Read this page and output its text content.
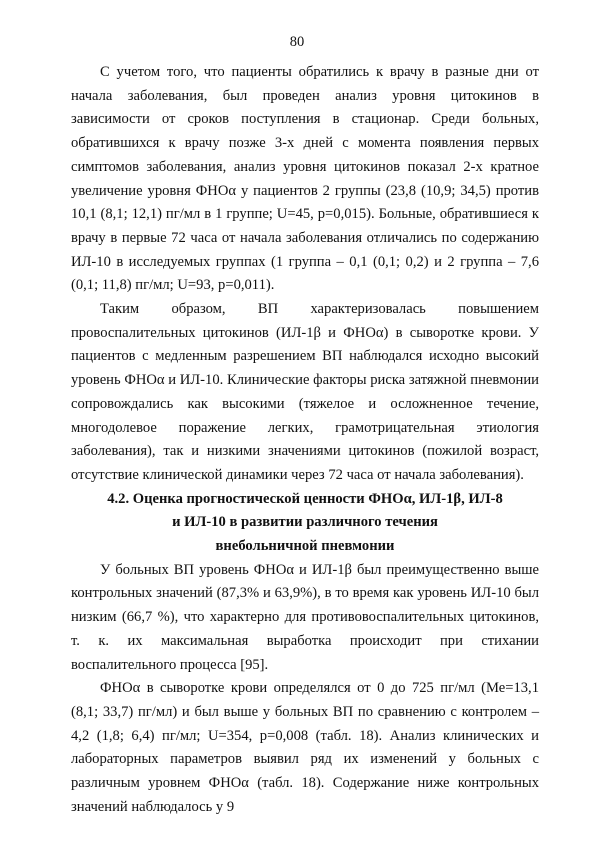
80

С учетом того, что пациенты обратились к врачу в разные дни от начала заболевания, был проведен анализ уровня цитокинов в зависимости от сроков поступления в стационар. Среди больных, обратившихся к врачу позже 3-х дней с момента появления первых симптомов заболевания, анализ уровня цитокинов показал 2-х кратное увеличение уровня ФНОα у пациентов 2 группы (23,8 (10,9; 34,5) против 10,1 (8,1; 12,1) пг/мл в 1 группе; U=45, р=0,015). Больные, обратившиеся к врачу в первые 72 часа от начала заболевания отличались по содержанию ИЛ-10 в исследуемых группах (1 группа – 0,1 (0,1; 0,2) и 2 группа – 7,6 (0,1; 11,8) пг/мл; U=93, р=0,011).

Таким образом, ВП характеризовалась повышением провоспалительных цитокинов (ИЛ-1β и ФНОα) в сыворотке крови. У пациентов с медленным разрешением ВП наблюдался исходно высокий уровень ФНОα и ИЛ-10. Клинические факторы риска затяжной пневмонии сопровождались как высокими (тяжелое и осложненное течение, многодолевое поражение легких, грамотрицательная этиология заболевания), так и низкими значениями цитокинов (пожилой возраст, отсутствие клинической динамики через 72 часа от начала заболевания).

4.2. Оценка прогностической ценности ФНОα, ИЛ-1β, ИЛ-8
и ИЛ-10 в развитии различного течения
внебольничной пневмонии

У больных ВП уровень ФНОα и ИЛ-1β был преимущественно выше контрольных значений (87,3% и 63,9%), в то время как уровень ИЛ-10 был низким (66,7 %), что характерно для противовоспалительных цитокинов, т. к. их максимальная выработка происходит при стихании воспалительного процесса [95].

ФНОα в сыворотке крови определялся от 0 до 725 пг/мл (Ме=13,1 (8,1; 33,7) пг/мл) и был выше у больных ВП по сравнению с контролем – 4,2 (1,8; 6,4) пг/мл; U=354, р=0,008 (табл. 18). Анализ клинических и лабораторных параметров выявил ряд их изменений у больных с различным уровнем ФНОα (табл. 18). Содержание ниже контрольных значений наблюдалось у 9
